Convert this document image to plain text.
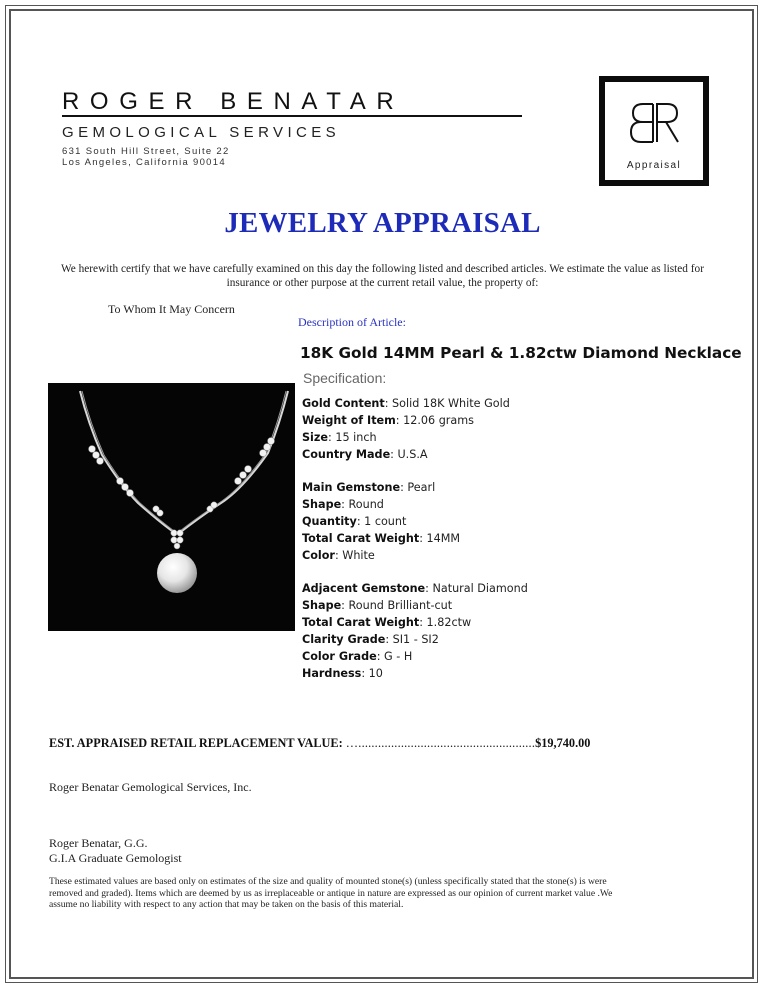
ROGER BENATAR
GEMOLOGICAL SERVICES
631 South Hill Street, Suite 22
Los Angeles, California 90014	Appraisal
JEWELRY APPRAISAL
We herewith certify that we have carefully examined on this day the following listed and described articles. We estimate the value as listed for insurance or other purpose at the current retail value, the property of:
To Whom It May Concern
Description of Article:
18K Gold 14MM Pearl & 1.82ctw Diamond Necklace
Specification:
Gold Content: Solid 18K White Gold
Weight of Item: 12.06 grams
Size: 15 inch
Country Made: U.S.A
Main Gemstone: Pearl
Shape: Round
Quantity: 1 count
Total Carat Weight: 14MM
Color: White
Adjacent Gemstone: Natural Diamond
Shape: Round Brilliant-cut
Total Carat Weight: 1.82ctw
Clarity Grade: SI1 - SI2
Color Grade: G - H
Hardness: 10
EST. APPRAISED RETAIL REPLACEMENT VALUE: …......................................................$19,740.00
Roger Benatar Gemological Services, Inc.
Roger Benatar, G.G.
G.I.A Graduate Gemologist
These estimated values are based only on estimates of the size and quality of mounted stone(s) (unless specifically stated that the stone(s) is were removed and graded). Items which are deemed by us as irreplaceable or antique in nature are expressed as our opinion of current market value .We assume no liability with respect to any action that may be taken on the basis of this material.
